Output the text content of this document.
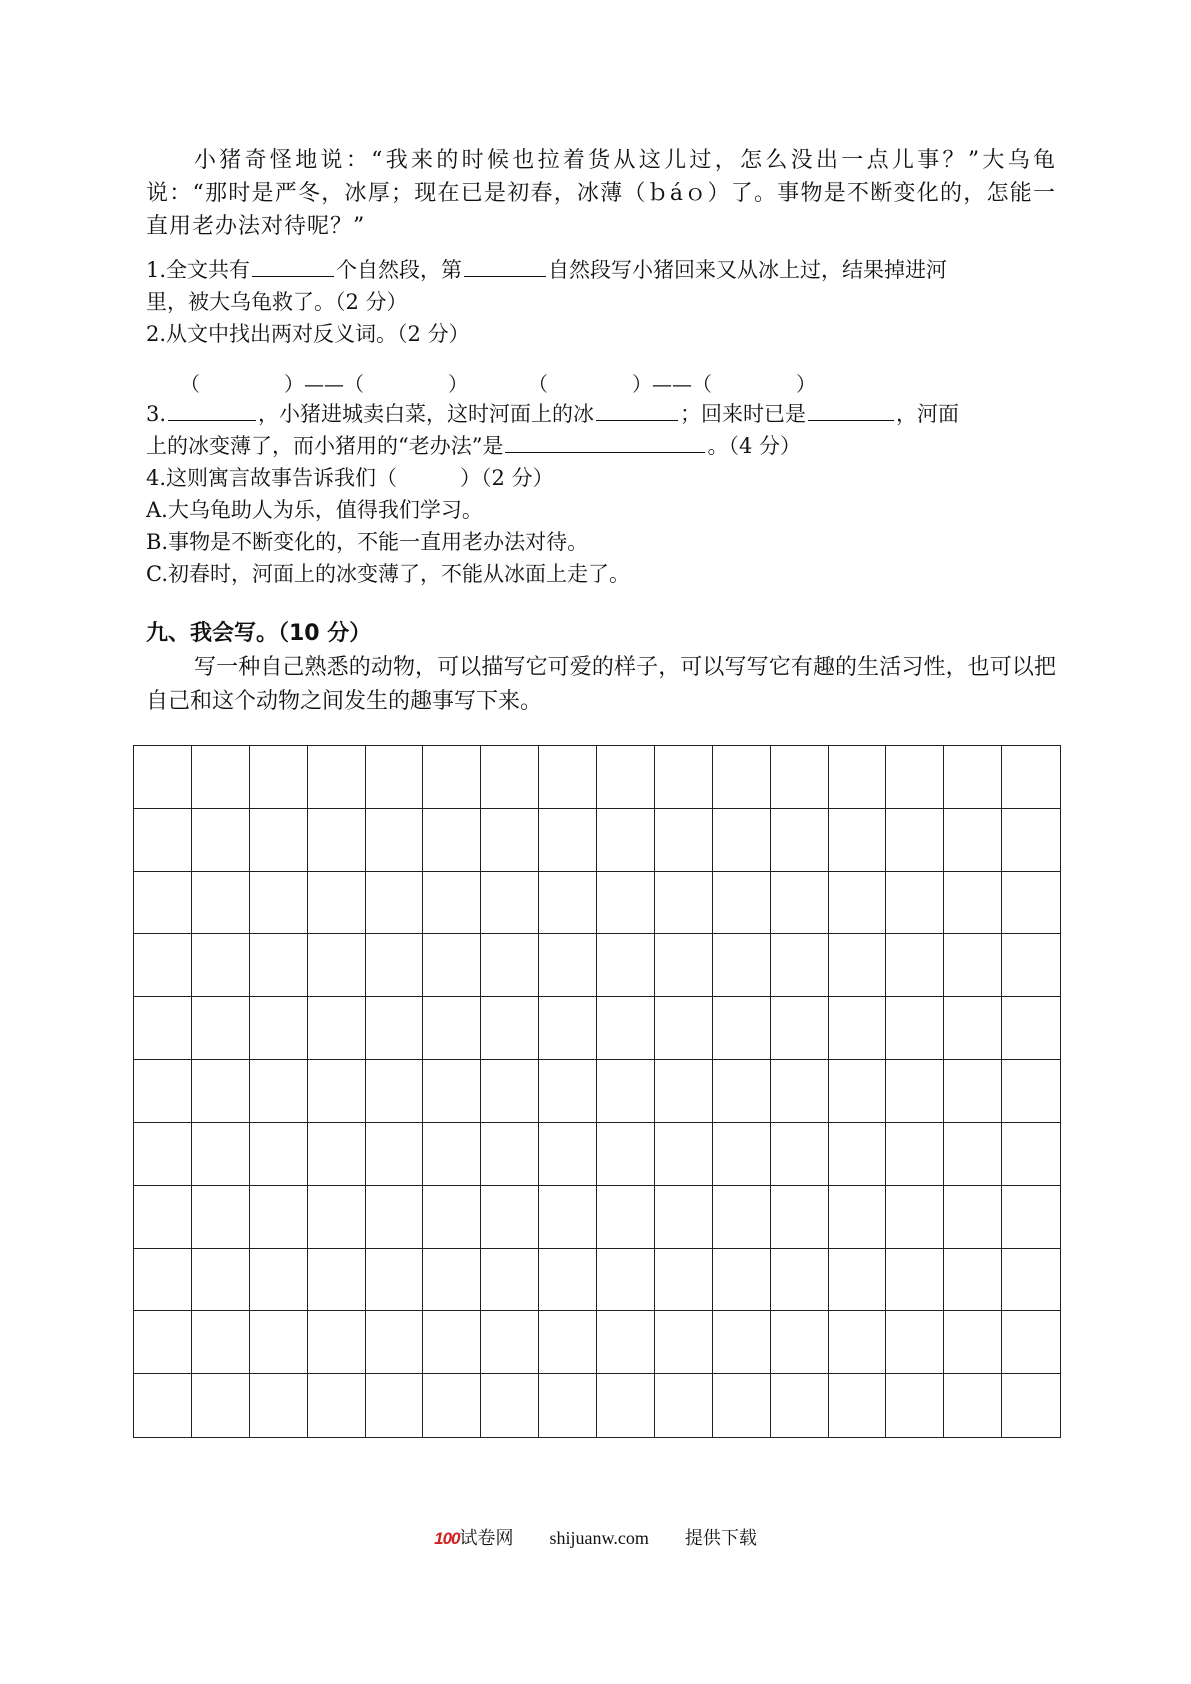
小猪奇怪地说：“我来的时候也拉着货从这儿过，怎么没出一点儿事？”大乌龟说：“那时是严冬，冰厚；现在已是初春，冰薄（ｂáｏ）了。事物是不断变化的，怎能一直用老办法对待呢？”
1.全文共有	个自然段，第	自然段写小猪回来又从冰上过，结果掉进河
里，被大乌龟救了。（2 分）
2.从文中找出两对反义词。（2 分）
（	）——（	）	（	）——（	）
3.	，小猪进城卖白菜，这时河面上的冰	；回来时已是	，河面
上的冰变薄了，而小猪用的“老办法”是	。（4 分）
4.这则寓言故事告诉我们（　　　）（2 分）
A.大乌龟助人为乐，值得我们学习。
B.事物是不断变化的，不能一直用老办法对待。
C.初春时，河面上的冰变薄了，不能从冰面上走了。
九、我会写。（10 分）
写一种自己熟悉的动物，可以描写它可爱的样子，可以写写它有趣的生活习性，也可以把自己和这个动物之间发生的趣事写下来。
100试卷网 shijuanw.com 提供下载
